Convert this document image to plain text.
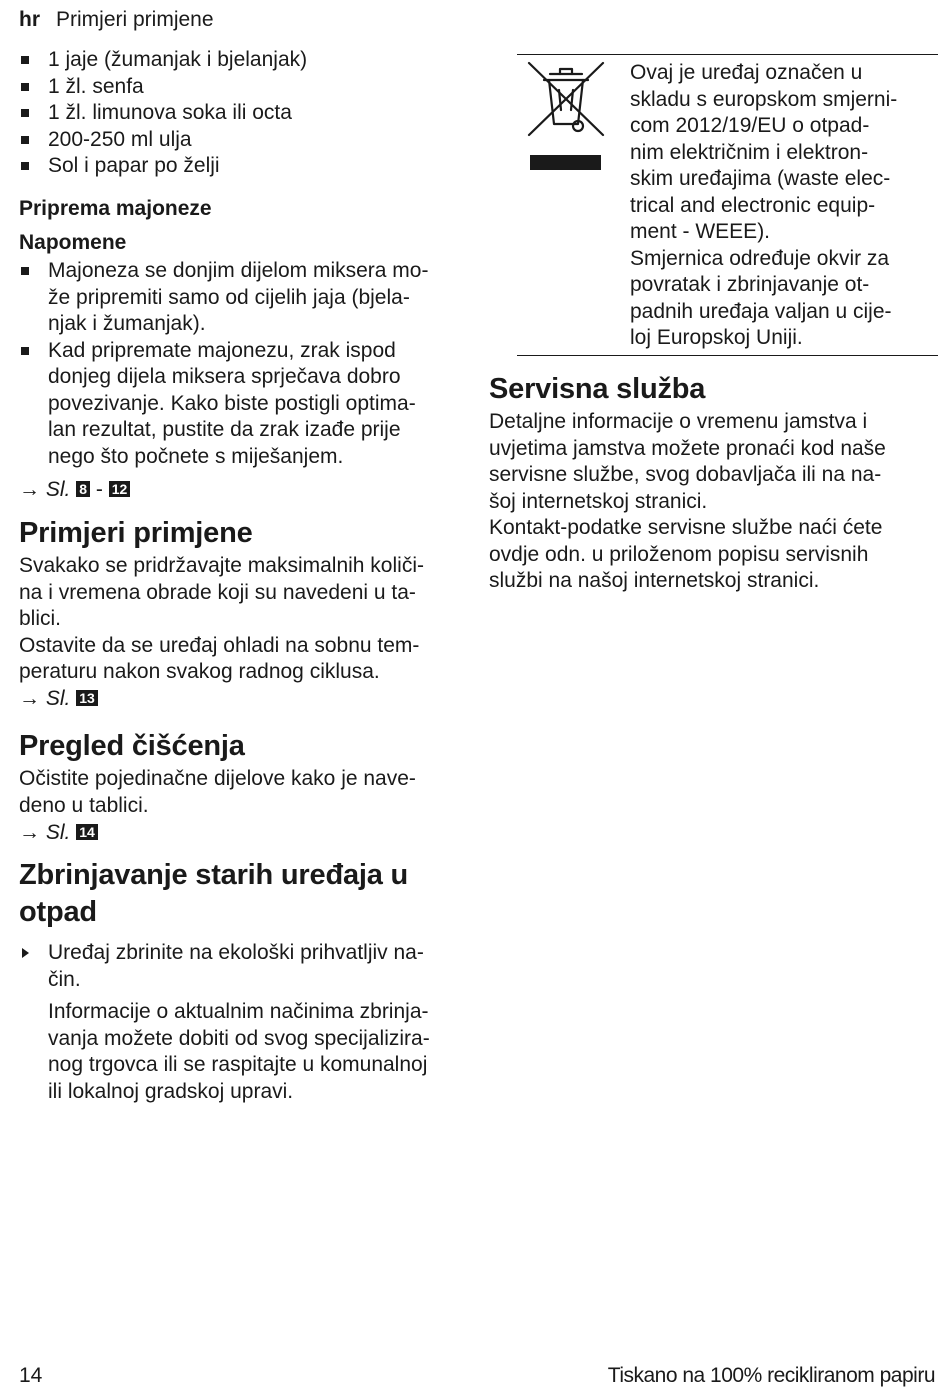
hr Primjeri primjene
1 jaje (žumanjak i bjelanjak)
1 žl. senfa
1 žl. limunova soka ili octa
200-250 ml ulja
Sol i papar po želji
Priprema majoneze
Napomene
Majoneza se donjim dijelom miksera mo-
že pripremiti samo od cijelih jaja (bjela-
njak i žumanjak).
Kad pripremate majonezu, zrak ispod
donjeg dijela miksera sprječava dobro
povezivanje. Kako biste postigli optima-
lan rezultat, pustite da zrak izađe prije
nego što počnete s miješanjem.
→ Sl. 8 - 12
Primjeri primjene
Svakako se pridržavajte maksimalnih količi-
na i vremena obrade koji su navedeni u ta-
blici.
Ostavite da se uređaj ohladi na sobnu tem-
peraturu nakon svakog radnog ciklusa.
→ Sl. 13
Pregled čišćenja
Očistite pojedinačne dijelove kako je nave-
deno u tablici.
→ Sl. 14
Zbrinjavanje starih uređaja u
otpad
Uređaj zbrinite na ekološki prihvatljiv na-
čin.
Informacije o aktualnim načinima zbrinja-
vanja možete dobiti od svog specijalizira-
nog trgovca ili se raspitajte u komunalnoj
ili lokalnoj gradskoj upravi.
Ovaj je uređaj označen u
skladu s europskom smjerni-
com 2012/19/EU o otpad-
nim električnim i elektron-
skim uređajima (waste elec-
trical and electronic equip-
ment - WEEE).
Smjernica određuje okvir za
povratak i zbrinjavanje ot-
padnih uređaja valjan u cije-
loj Europskoj Uniji.
Servisna služba
Detaljne informacije o vremenu jamstva i
uvjetima jamstva možete pronaći kod naše
servisne službe, svog dobavljača ili na na-
šoj internetskoj stranici.
Kontakt-podatke servisne službe naći ćete
ovdje odn. u priloženom popisu servisnih
službi na našoj internetskoj stranici.
14	Tiskano na 100% recikliranom papiru
